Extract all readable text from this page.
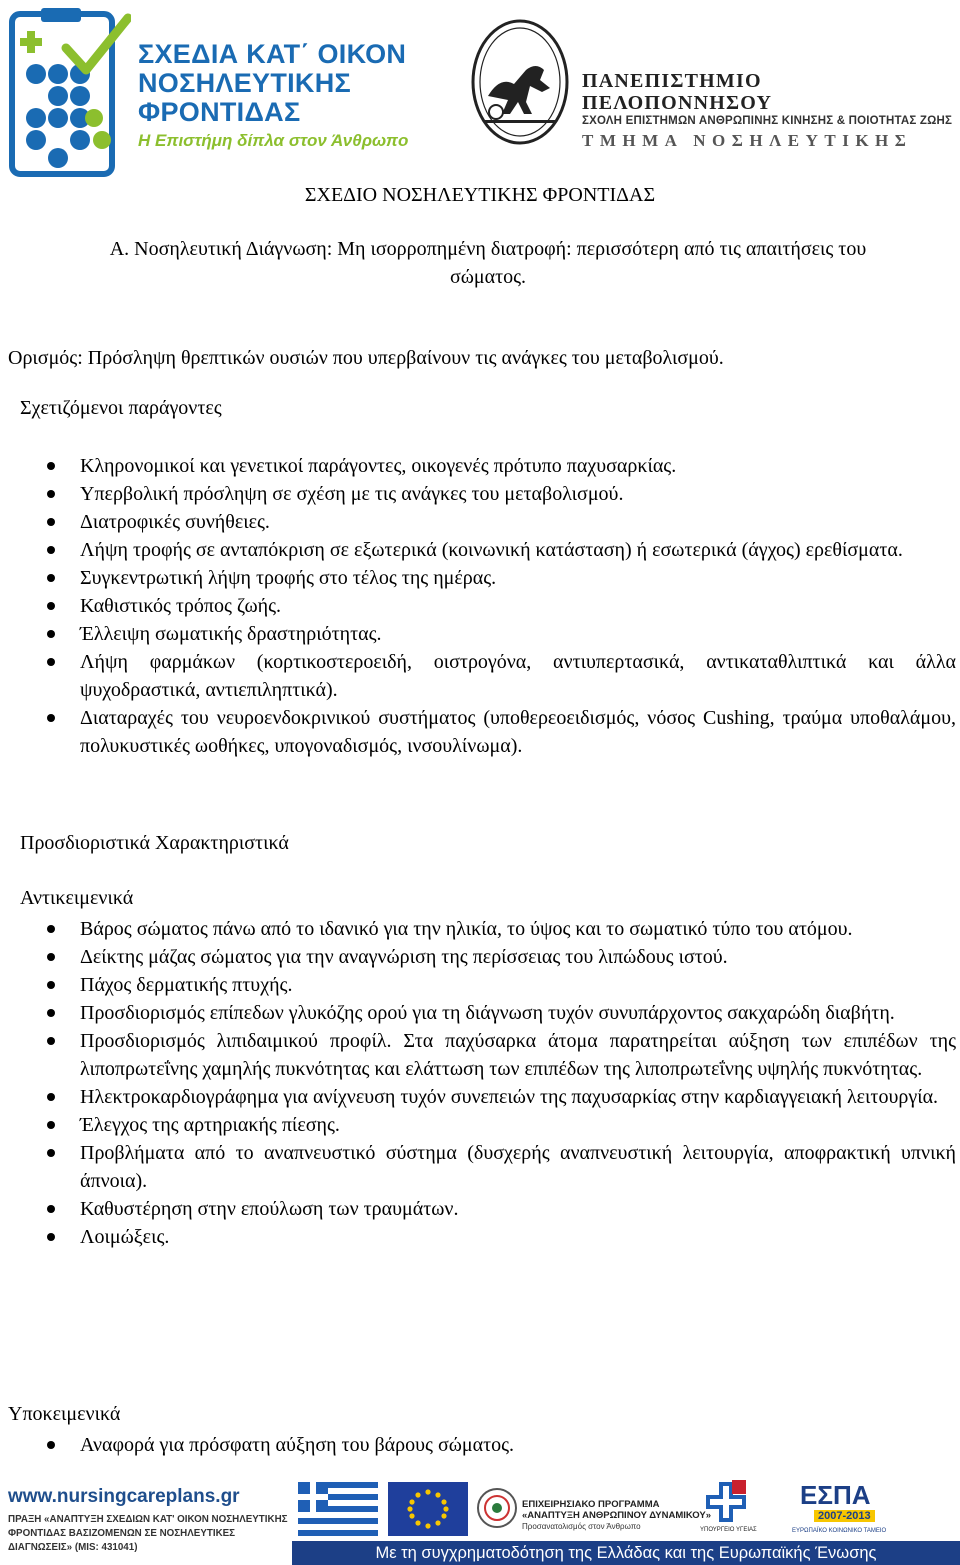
ΣΧΕΔΙΑ ΚΑΤ΄ ΟΙΚΟΝ
ΝΟΣΗΛΕΥΤΙΚΗΣ
ΦΡΟΝΤΙΔΑΣ
Η Επιστήμη δίπλα στον Άνθρωπο
ΠΑΝΕΠΙΣΤΗΜΙΟ ΠΕΛΟΠΟΝΝΗΣΟΥ
ΣΧΟΛΗ ΕΠΙΣΤΗΜΩΝ ΑΝΘΡΩΠΙΝΗΣ ΚΙΝΗΣΗΣ & ΠΟΙΟΤΗΤΑΣ ΖΩΗΣ
ΤΜΗΜΑ ΝΟΣΗΛΕΥΤΙΚΗΣ
ΣΧΕΔΙΟ ΝΟΣΗΛΕΥΤΙΚΗΣ ΦΡΟΝΤΙΔΑΣ
Α. Νοσηλευτική Διάγνωση: Μη ισορροπημένη διατροφή: περισσότερη από τις απαιτήσεις του
σώματος.
Ορισμός: Πρόσληψη θρεπτικών ουσιών που υπερβαίνουν τις ανάγκες του μεταβολισμού.
Σχετιζόμενοι παράγοντες
Κληρονομικοί και γενετικοί παράγοντες, οικογενές πρότυπο παχυσαρκίας.
Υπερβολική πρόσληψη σε σχέση με τις ανάγκες του μεταβολισμού.
Διατροφικές συνήθειες.
Λήψη τροφής σε ανταπόκριση σε εξωτερικά (κοινωνική κατάσταση) ή εσωτερικά (άγχος) ερεθίσματα.
Συγκεντρωτική λήψη τροφής στο τέλος της ημέρας.
Καθιστικός τρόπος ζωής.
Έλλειψη σωματικής δραστηριότητας.
Λήψη φαρμάκων (κορτικοστεροειδή, οιστρογόνα, αντιυπερτασικά, αντικαταθλιπτικά και άλλα ψυχοδραστικά, αντιεπιληπτικά).
Διαταραχές του νευροενδοκρινικού συστήματος (υποθερεοειδισμός, νόσος Cushing, τραύμα υποθαλάμου, πολυκυστικές ωοθήκες, υπογοναδισμός, ινσουλίνωμα).
Προσδιοριστικά Χαρακτηριστικά
Αντικειμενικά
Βάρος σώματος πάνω από το ιδανικό για την ηλικία, το ύψος και το σωματικό τύπο του ατόμου.
Δείκτης μάζας σώματος για την αναγνώριση της περίσσειας του λιπώδους ιστού.
Πάχος δερματικής πτυχής.
Προσδιορισμός επίπεδων γλυκόζης ορού για τη διάγνωση τυχόν συνυπάρχοντος σακχαρώδη διαβήτη.
Προσδιορισμός λιπιδαιμικού προφίλ. Στα παχύσαρκα άτομα παρατηρείται αύξηση των επιπέδων της λιποπρωτεΐνης χαμηλής πυκνότητας και ελάττωση των επιπέδων της λιποπρωτεΐνης υψηλής πυκνότητας.
Ηλεκτροκαρδιογράφημα για ανίχνευση τυχόν συνεπειών της παχυσαρκίας στην καρδιαγγειακή λειτουργία.
Έλεγχος της αρτηριακής πίεσης.
Προβλήματα από το αναπνευστικό σύστημα (δυσχερής αναπνευστική λειτουργία, αποφρακτική υπνική άπνοια).
Καθυστέρηση στην επούλωση των τραυμάτων.
Λοιμώξεις.
Υποκειμενικά
Αναφορά για πρόσφατη αύξηση του βάρους σώματος.
www.nursingcareplans.gr
ΠΡΑΞΗ «ΑΝΑΠΤΥΞΗ ΣΧΕΔΙΩΝ ΚΑΤ' ΟΙΚΟΝ ΝΟΣΗΛΕΥΤΙΚΗΣ
ΦΡΟΝΤΙΔΑΣ ΒΑΣΙΖΟΜΕΝΩΝ ΣΕ ΝΟΣΗΛΕΥΤΙΚΕΣ
ΔΙΑΓΝΩΣΕΙΣ» (MIS: 431041)
ΕΠΙΧΕΙΡΗΣΙΑΚΟ ΠΡΟΓΡΑΜΜΑ
«ΑΝΑΠΤΥΞΗ ΑΝΘΡΩΠΙΝΟΥ ΔΥΝΑΜΙΚΟΥ»
Προσανατολισμός στον Άνθρωπο	ΥΠΟΥΡΓΕΙΟ ΥΓΕΙΑΣ
ΕΣΠΑ
2007-2013
ΕΥΡΩΠΑΪΚΟ ΚΟΙΝΩΝΙΚΟ ΤΑΜΕΙΟ
Με τη συγχρηματοδότηση της Ελλάδας και της Ευρωπαϊκής Ένωσης
